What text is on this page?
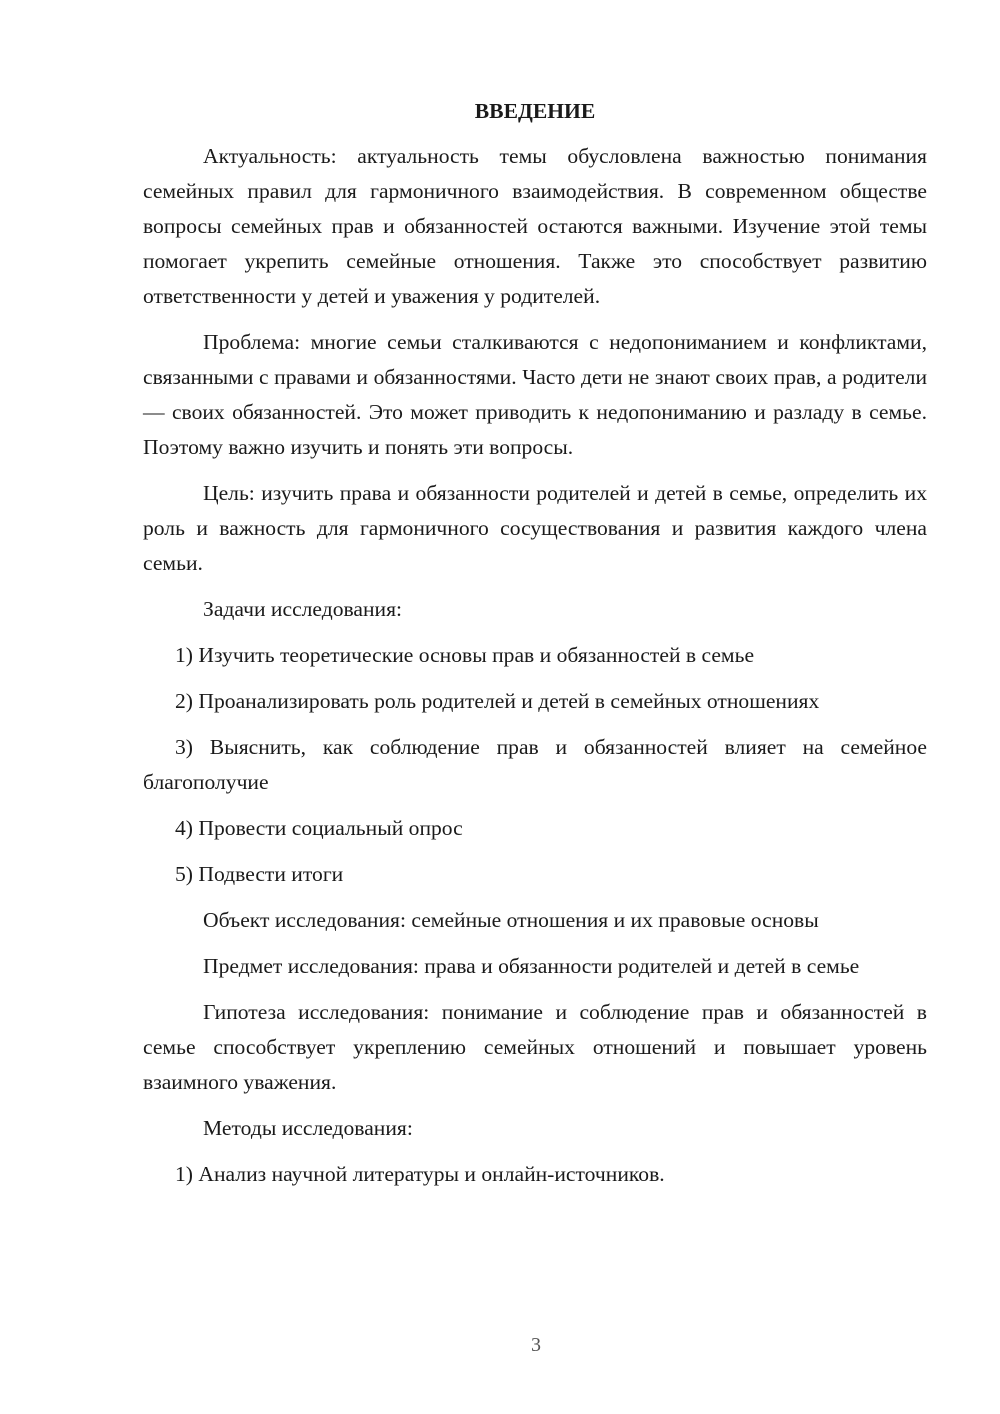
ВВЕДЕНИЕ

Актуальность: актуальность темы обусловлена важностью понимания семейных правил для гармоничного взаимодействия. В современном обществе вопросы семейных прав и обязанностей остаются важными. Изучение этой темы помогает укрепить семейные отношения. Также это способствует развитию ответственности у детей и уважения у родителей.

Проблема: многие семьи сталкиваются с недопониманием и конфликтами, связанными с правами и обязанностями. Часто дети не знают своих прав, а родители — своих обязанностей. Это может приводить к недопониманию и разладу в семье. Поэтому важно изучить и понять эти вопросы.

Цель: изучить права и обязанности родителей и детей в семье, определить их роль и важность для гармоничного сосуществования и развития каждого члена семьи.

Задачи исследования:

1) Изучить теоретические основы прав и обязанностей в семье

2) Проанализировать роль родителей и детей в семейных отношениях

3) Выяснить, как соблюдение прав и обязанностей влияет на семейное благополучие

4) Провести социальный опрос

5) Подвести итоги

Объект исследования: семейные отношения и их правовые основы

Предмет исследования: права и обязанности родителей и детей в семье

Гипотеза исследования: понимание и соблюдение прав и обязанностей в семье способствует укреплению семейных отношений и повышает уровень взаимного уважения.

Методы исследования:

1) Анализ научной литературы и онлайн-источников.

3
